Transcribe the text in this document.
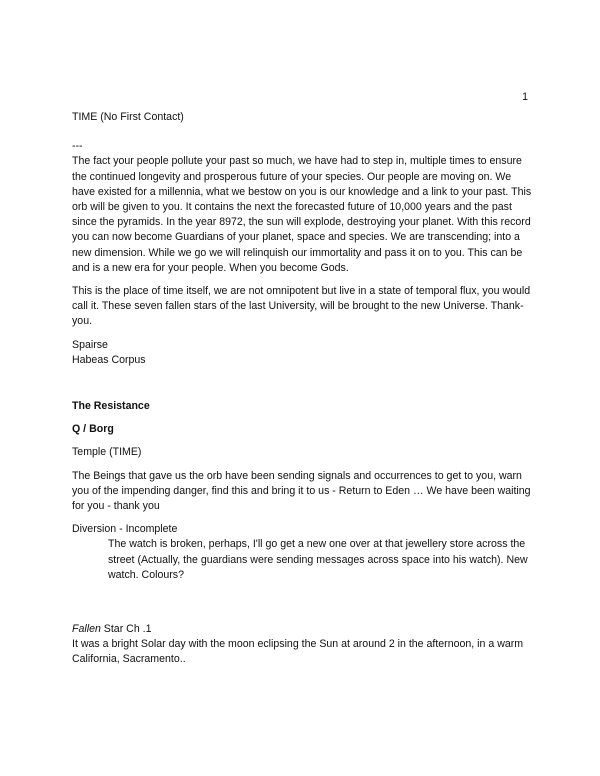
1

TIME (No First Contact)

---

The fact your people pollute your past so much, we have had to step in, multiple times to ensure the continued longevity and prosperous future of your species. Our people are moving on. We have existed for a millennia, what we bestow on you is our knowledge and a link to your past. This orb will be given to you. It contains the next the forecasted future of 10,000 years and the past since the pyramids. In the year 8972, the sun will explode, destroying your planet. With this record you can now become Guardians of your planet, space and species. We are transcending; into a new dimension. While we go we will relinquish our immortality and pass it on to you. This can be and is a new era for your people. When you become Gods.

This is the place of time itself, we are not omnipotent but live in a state of temporal flux, you would call it. These seven fallen stars of the last University, will be brought to the new Universe. Thank-you.

Spairse

Habeas Corpus

The Resistance

Q / Borg

Temple (TIME)

The Beings that gave us the orb have been sending signals and occurrences to get to you, warn you of the impending danger, find this and bring it to us - Return to Eden … We have been waiting for you - thank you

Diversion - Incomplete

The watch is broken, perhaps, I'll go get a new one over at that jewellery store across the street (Actually, the guardians were sending messages across space into his watch). New watch. Colours?

Fallen Star Ch .1

It was a bright Solar day with the moon eclipsing the Sun at around 2 in the afternoon, in a warm California, Sacramento..
